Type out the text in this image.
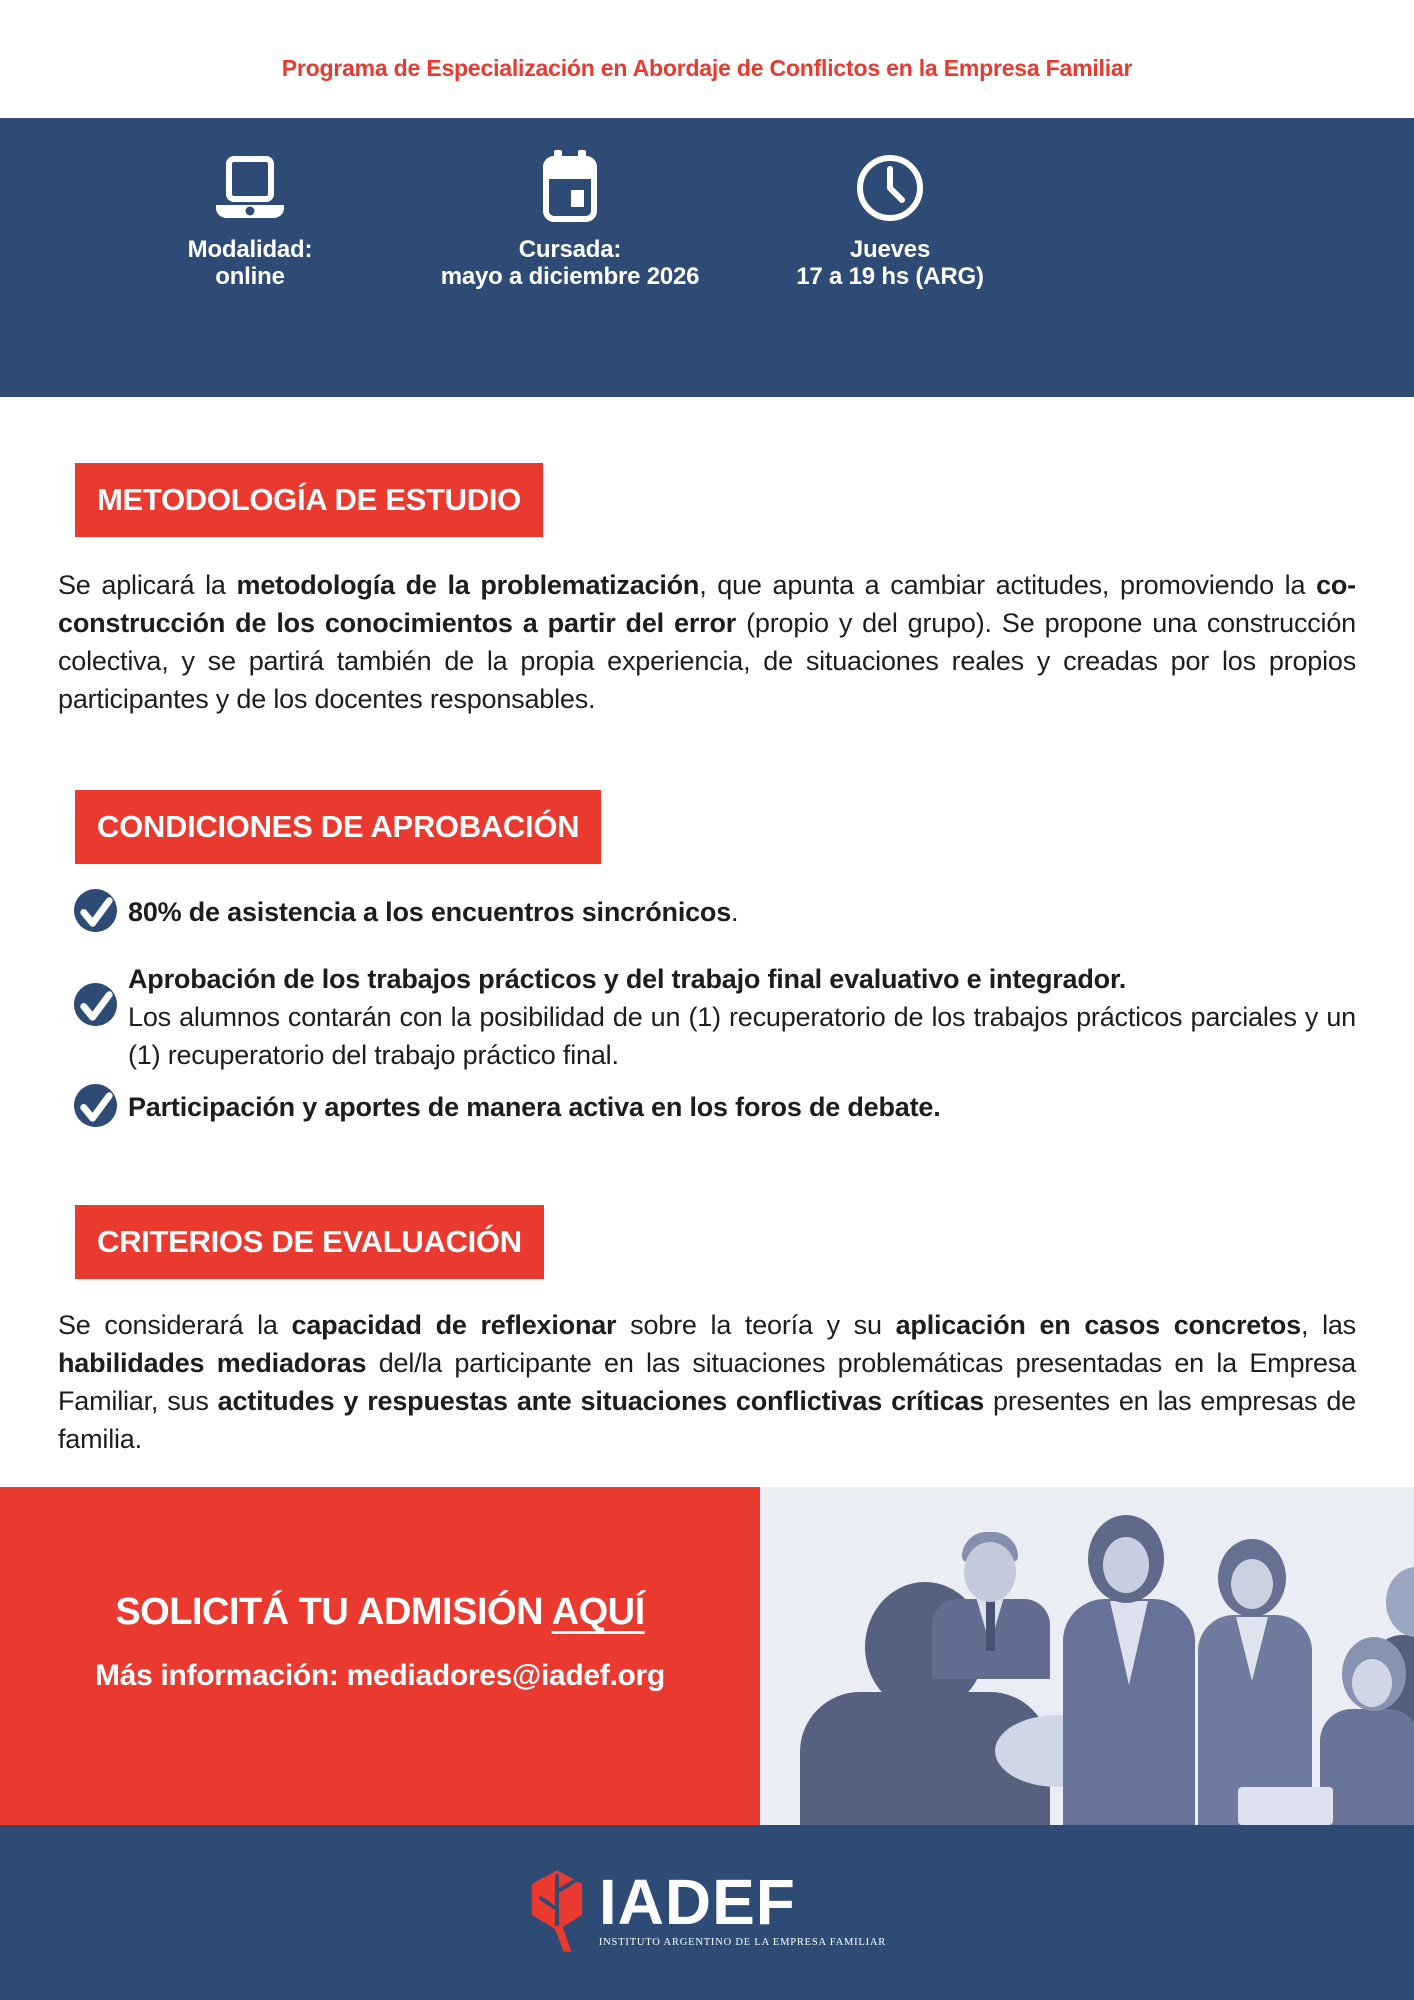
Programa de Especialización en Abordaje de Conflictos en la Empresa Familiar
Modalidad:
online
Cursada:
mayo a diciembre 2026
Jueves
17 a 19 hs (ARG)
METODOLOGÍA DE ESTUDIO

Se aplicará la metodología de la problematización, que apunta a cambiar actitudes, promoviendo la co-construcción de los conocimientos a partir del error (propio y del grupo). Se propone una construcción colectiva, y se partirá también de la propia experiencia, de situaciones reales y creadas por los propios participantes y de los docentes responsables.

CONDICIONES DE APROBACIÓN
80% de asistencia a los encuentros sincrónicos.
Aprobación de los trabajos prácticos y del trabajo final evaluativo e integrador.
Los alumnos contarán con la posibilidad de un (1) recuperatorio de los trabajos prácticos parciales y un (1) recuperatorio del trabajo práctico final.
Participación y aportes de manera activa en los foros de debate.
CRITERIOS DE EVALUACIÓN

Se considerará la capacidad de reflexionar sobre la teoría y su aplicación en casos concretos, las habilidades mediadoras del/la participante en las situaciones problemáticas presentadas en la Empresa Familiar, sus actitudes y respuestas ante situaciones conflictivas críticas presentes en las empresas de familia.

SOLICITÁ TU ADMISIÓN AQUÍ
Más información: mediadores@iadef.org
IADEF
INSTITUTO ARGENTINO DE LA EMPRESA FAMILIAR
